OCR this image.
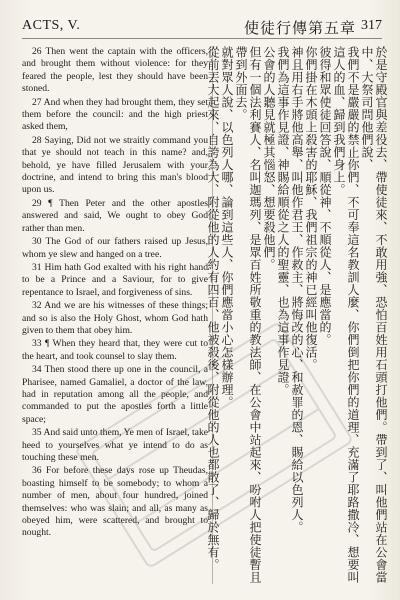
ACTS, V.	使徒行傳第五章 317

26 Then went the captain with the officers, and brought them without violence: for they feared the people, lest they should have been stoned.

27 And when they had brought them, they set them before the council: and the high priest asked them,

28 Saying, Did not we straitly command you that ye should not teach in this name? and, behold, ye have filled Jerusalem with your doctrine, and intend to bring this man's blood upon us.

29 ¶ Then Peter and the other apostles answered and said, We ought to obey God rather than men.

30 The God of our fathers raised up Jesus, whom ye slew and hanged on a tree.

31 Him hath God exalted with his right hand to be a Prince and a Saviour, for to give repentance to Israel, and forgiveness of sins.

32 And we are his witnesses of these things; and so is also the Holy Ghost, whom God hath given to them that obey him.

33 ¶ When they heard that, they were cut to the heart, and took counsel to slay them.

34 Then stood there up one in the council, a Pharisee, named Gamaliel, a doctor of the law, had in reputation among all the people, and commanded to put the apostles forth a little space;

35 And said unto them, Ye men of Israel, take heed to yourselves what ye intend to do as touching these men.

36 For before these days rose up Theudas, boasting himself to be somebody; to whom a number of men, about four hundred, joined themselves: who was slain; and all, as many as obeyed him, were scattered, and brought to nought.	於是守殿官與差役去、帶使徒來、不敢用強、恐怕百姓用石頭打他們。帶到了、叫他們站在公會當中、大祭司問他們說、

我們不是嚴嚴的禁止你們、不可奉這名教訓人麼、你們倒把你們的道理、充滿了耶路撒冷、想要叫這人的血、歸到我們身上。

彼得和眾使徒回答說、順從神、不順從人、是應當的。

你們掛在木頭上殺害的耶穌、我們祖宗的神已經叫他復活。

神且用右手將他高舉、叫他作君王、作救主、將悔改的心、和赦罪的恩、賜給以色列人。

我們為這事作見證、神賜給順從之人的聖靈、也為這事作見證。

公會的人聽見就極其惱怒、想要殺他們。

但有一個法利賽人、名叫迦瑪列、是眾百姓所敬重的教法師、在公會中站起來、吩咐人把使徒暫且帶到外面去。

就對眾人說、以色列人哪、論到這些人、你們應當小心怎樣辦理。

從前丟大起來、自誇為大、附從他的人約有四百、他被殺後、附從他的人也都散了、歸於無有。
